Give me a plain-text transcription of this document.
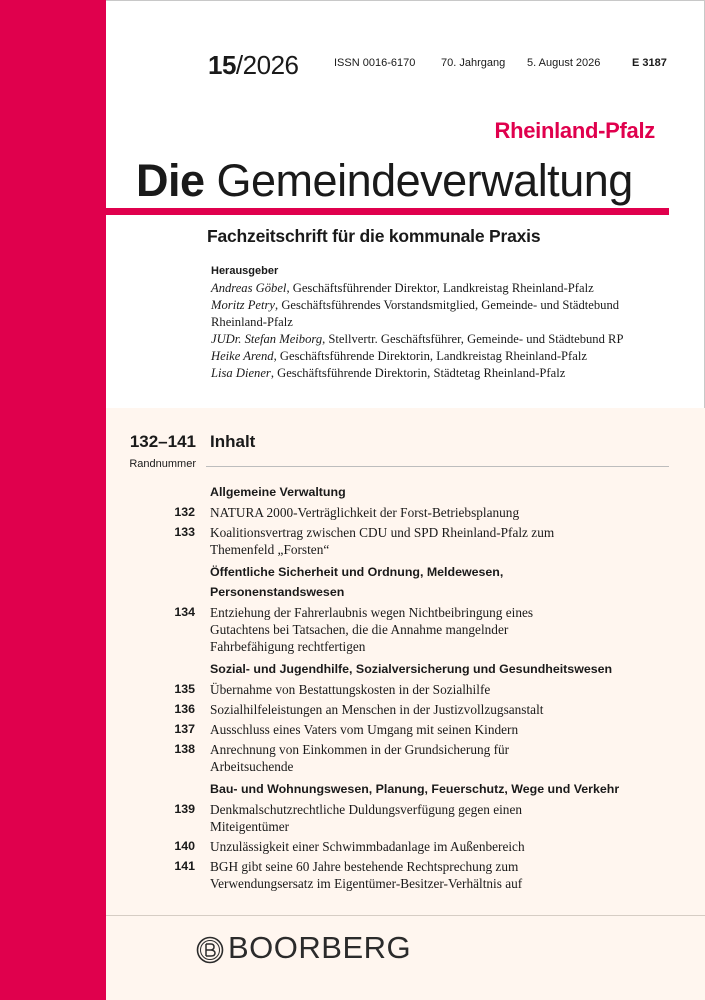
15/2026	ISSN 0016-6170 70. Jahrgang 5. August 2026	E 3187
Rheinland-Pfalz
Die Gemeindeverwaltung
Fachzeitschrift für die kommunale Praxis
Herausgeber
Andreas Göbel, Geschäftsführender Direktor, Landkreistag Rheinland-Pfalz
Moritz Petry, Geschäftsführendes Vorstandsmitglied, Gemeinde- und Städtebund
Rheinland-Pfalz
JUDr. Stefan Meiborg, Stellvertr. Geschäftsführer, Gemeinde- und Städtebund RP
Heike Arend, Geschäftsführende Direktorin, Landkreistag Rheinland-Pfalz
Lisa Diener, Geschäftsführende Direktorin, Städtetag Rheinland-Pfalz
132–141
Randnummer
Inhalt
Allgemeine Verwaltung
132 NATURA 2000-Verträglichkeit der Forst-Betriebsplanung
133 Koalitionsvertrag zwischen CDU und SPD Rheinland-Pfalz zum
Themenfeld „Forsten“
Öffentliche Sicherheit und Ordnung, Meldewesen,
Personenstandswesen
134 Entziehung der Fahrerlaubnis wegen Nichtbeibringung eines
Gutachtens bei Tatsachen, die die Annahme mangelnder
Fahrbefähigung rechtfertigen
Sozial- und Jugendhilfe, Sozialversicherung und Gesundheitswesen
135 Übernahme von Bestattungskosten in der Sozialhilfe
136 Sozialhilfeleistungen an Menschen in der Justizvollzugsanstalt
137 Ausschluss eines Vaters vom Umgang mit seinen Kindern
138 Anrechnung von Einkommen in der Grundsicherung für
Arbeitsuchende
Bau- und Wohnungswesen, Planung, Feuerschutz, Wege und Verkehr
139 Denkmalschutzrechtliche Duldungsverfügung gegen einen
Miteigentümer
140 Unzulässigkeit einer Schwimmbadanlage im Außenbereich
141 BGH gibt seine 60 Jahre bestehende Rechtsprechung zum
Verwendungsersatz im Eigentümer-Besitzer-Verhältnis auf
BOORBERG
